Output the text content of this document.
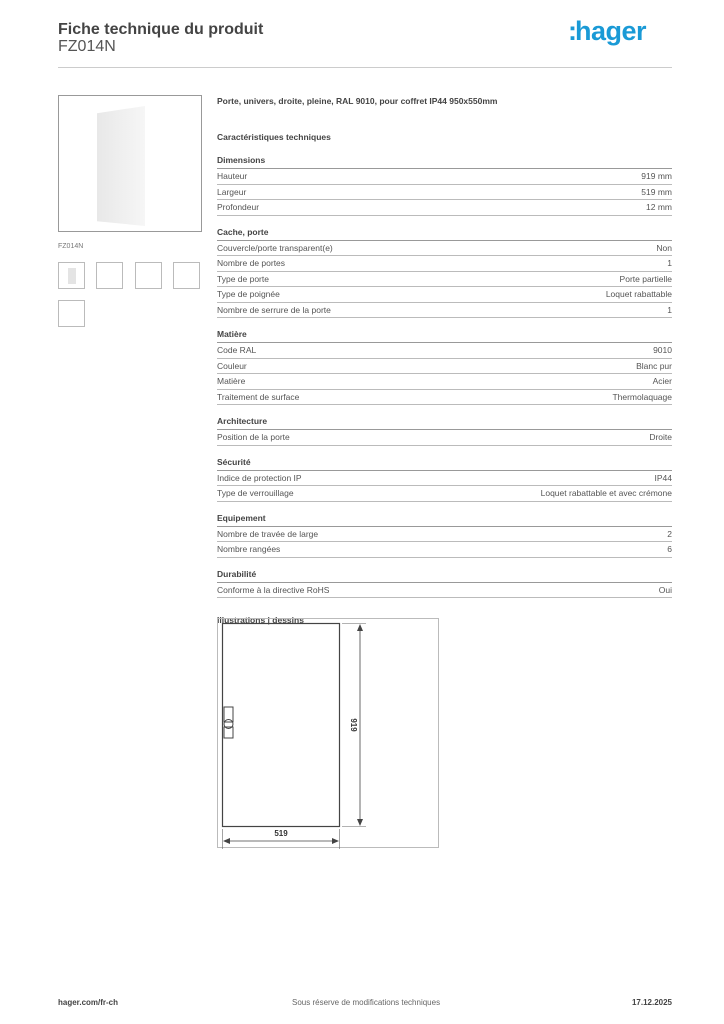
Fiche technique du produit
FZ014N
:hager
FZ014N
Porte, univers, droite, pleine, RAL 9010, pour coffret IP44 950x550mm
Caractéristiques techniques
Dimensions
Hauteur	919 mm
Largeur	519 mm
Profondeur	12 mm
Cache, porte
Couvercle/porte transparent(e)	Non
Nombre de portes	1
Type de porte	Porte partielle
Type de poignée	Loquet rabattable
Nombre de serrure de la porte	1
Matière
Code RAL	9010
Couleur	Blanc pur
Matière	Acier
Traitement de surface	Thermolaquage
Architecture
Position de la porte	Droite
Sécurité
Indice de protection IP	IP44
Type de verrouillage	Loquet rabattable et avec crémone
Equipement
Nombre de travée de large	2
Nombre rangées	6
Durabilité
Conforme à la directive RoHS	Oui
Illustrations | dessins
519
919
hager.com/fr-ch	Sous réserve de modifications techniques	17.12.2025
